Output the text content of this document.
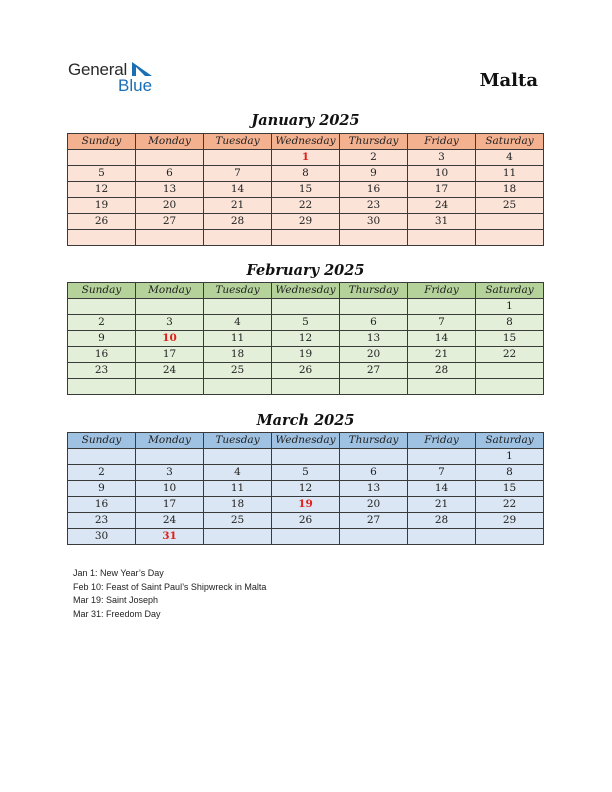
General
Blue	Malta
January 2025
Sunday	Monday	Tuesday	Wednesday	Thursday	Friday	Saturday
			1	2	3	4
5	6	7	8	9	10	11
12	13	14	15	16	17	18
19	20	21	22	23	24	25
26	27	28	29	30	31	

February 2025
Sunday	Monday	Tuesday	Wednesday	Thursday	Friday	Saturday
						1
2	3	4	5	6	7	8
9	10	11	12	13	14	15
16	17	18	19	20	21	22
23	24	25	26	27	28	

March 2025
Sunday	Monday	Tuesday	Wednesday	Thursday	Friday	Saturday
						1
2	3	4	5	6	7	8
9	10	11	12	13	14	15
16	17	18	19	20	21	22
23	24	25	26	27	28	29
30	31					
Jan 1: New Year’s Day
Feb 10: Feast of Saint Paul’s Shipwreck in Malta
Mar 19: Saint Joseph
Mar 31: Freedom Day
